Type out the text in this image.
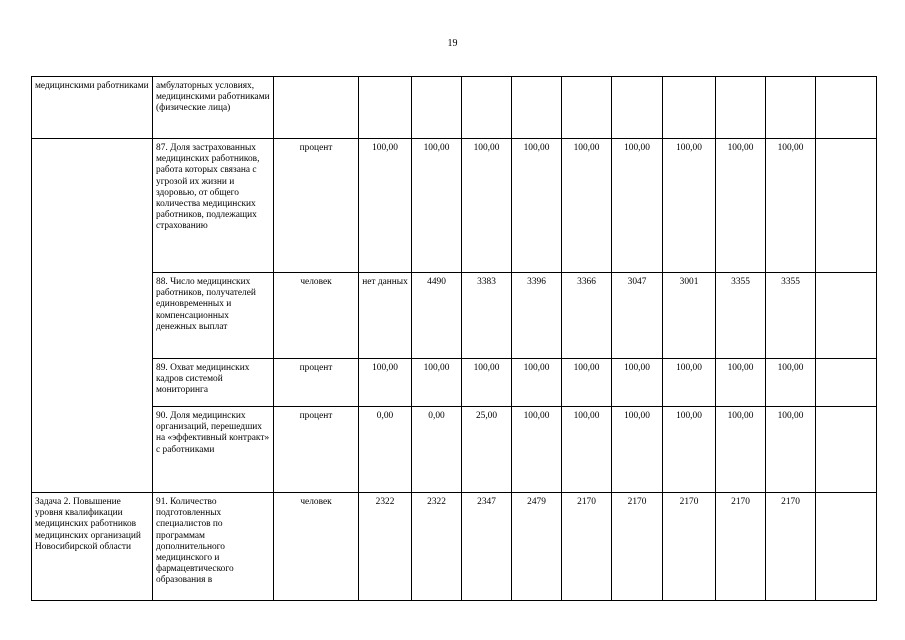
19
медицинскими работниками	амбулаторных условиях, медицинскими работниками (физические лица)											

	87. Доля застрахованных медицинских работников, работа которых связана с угрозой их жизни и здоровью, от общего количества медицинских работников, подлежащих страхованию	процент	100,00	100,00	100,00	100,00	100,00	100,00	100,00	100,00	100,00	

	88. Число медицинских работников, получателей единовременных и компенсационных денежных выплат	человек	нет данных	4490	3383	3396	3366	3047	3001	3355	3355	

	89. Охват медицинских кадров системой мониторинга	процент	100,00	100,00	100,00	100,00	100,00	100,00	100,00	100,00	100,00	

	90. Доля медицинских организаций, перешедших на «эффективный контракт» с работниками	процент	0,00	0,00	25,00	100,00	100,00	100,00	100,00	100,00	100,00	

Задача 2. Повышение уровня квалификации медицинских работников медицинских организаций Новосибирской области	91. Количество подготовленных специалистов по программам дополнительного медицинского и фармацевтического образования в	человек	2322	2322	2347	2479	2170	2170	2170	2170	2170	
